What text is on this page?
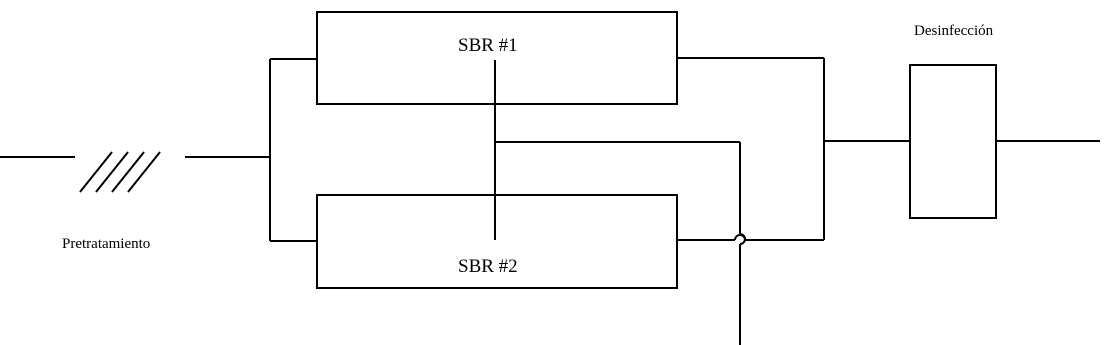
Pretratamiento
SBR #1
SBR #2
Desinfección
